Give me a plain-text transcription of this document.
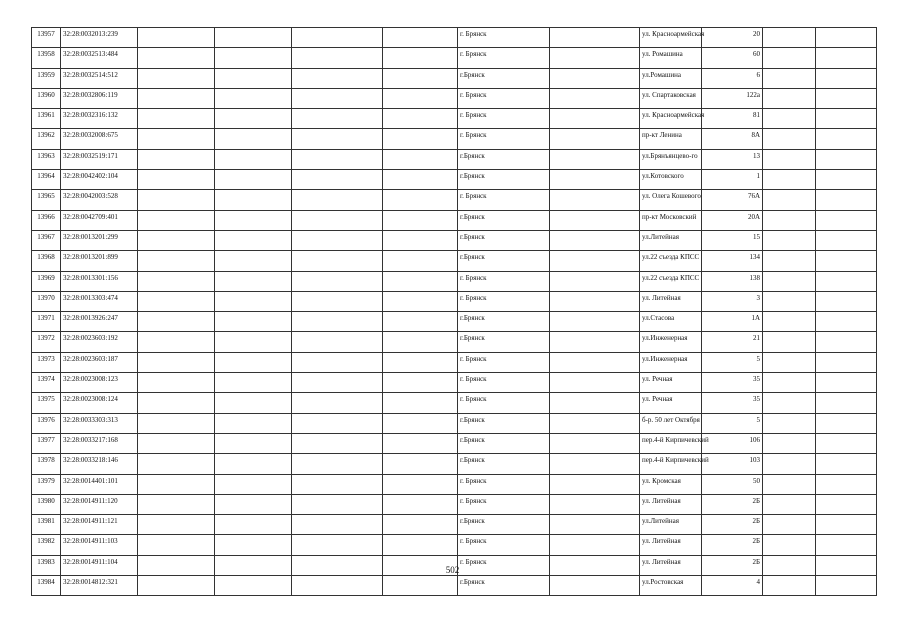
13957	32:28:0032013:239					г. Брянск		ул. Красноармейская	20		
13958	32:28:0032513:484					г. Брянск		ул. Ромашина	60		
13959	32:28:0032514:512					г.Брянск		ул.Ромашина	6		
13960	32:28:0032806:119					г. Брянск		ул. Спартаковская	122а		
13961	32:28:0032316:132					г. Брянск		ул. Красноармейская	81		
13962	32:28:0032008:675					г. Брянск		пр-кт Ленина	8А		
13963	32:28:0032519:171					г.Брянск		ул.Брянъянцево-го	13		
13964	32:28:0042402:104					г.Брянск		ул.Котовского	1		
13965	32:28:0042003:528					г. Брянск		ул. Олега Кошевого	76А		
13966	32:28:0042709:401					г.Брянск		пр-кт Московский	20А		
13967	32:28:0013201:299					г.Брянск		ул.Литейная	15		
13968	32:28:0013201:899					г.Брянск		ул.22 съезда КПСС	134		
13969	32:28:0013301:156					г. Брянск		ул.22 съезда КПСС	138		
13970	32:28:0013303:474					г. Брянск		ул. Литейная	3		
13971	32:28:0013926:247					г.Брянск		ул.Стасова	1А		
13972	32:28:0023603:192					г.Брянск		ул.Инженерная	21		
13973	32:28:0023603:187					г. Брянск		ул.Инженерная	5		
13974	32:28:0023008:123					г. Брянск		ул. Речная	35		
13975	32:28:0023008:124					г. Брянск		ул. Речная	35		
13976	32:28:0033303:313					г.Брянск		б-р. 50 лет Октября	5		
13977	32:28:0033217:168					г.Брянск		пер.4-й Кирпичевский	106		
13978	32:28:0033218:146					г.Брянск		пер.4-й Кирпичевский	103		
13979	32:28:0014401:101					г. Брянск		ул. Кромская	50		
13980	32:28:0014911:120					г. Брянск		ул. Литейная	2Б		
13981	32:28:0014911:121					г.Брянск		ул.Литейная	2Б		
13982	32:28:0014911:103					г. Брянск		ул. Литейная	2Б		
13983	32:28:0014911:104					г. Брянск		ул. Литейная	2Б		
13984	32:28:0014812:321					г.Брянск		ул.Ростовская	4		
502
